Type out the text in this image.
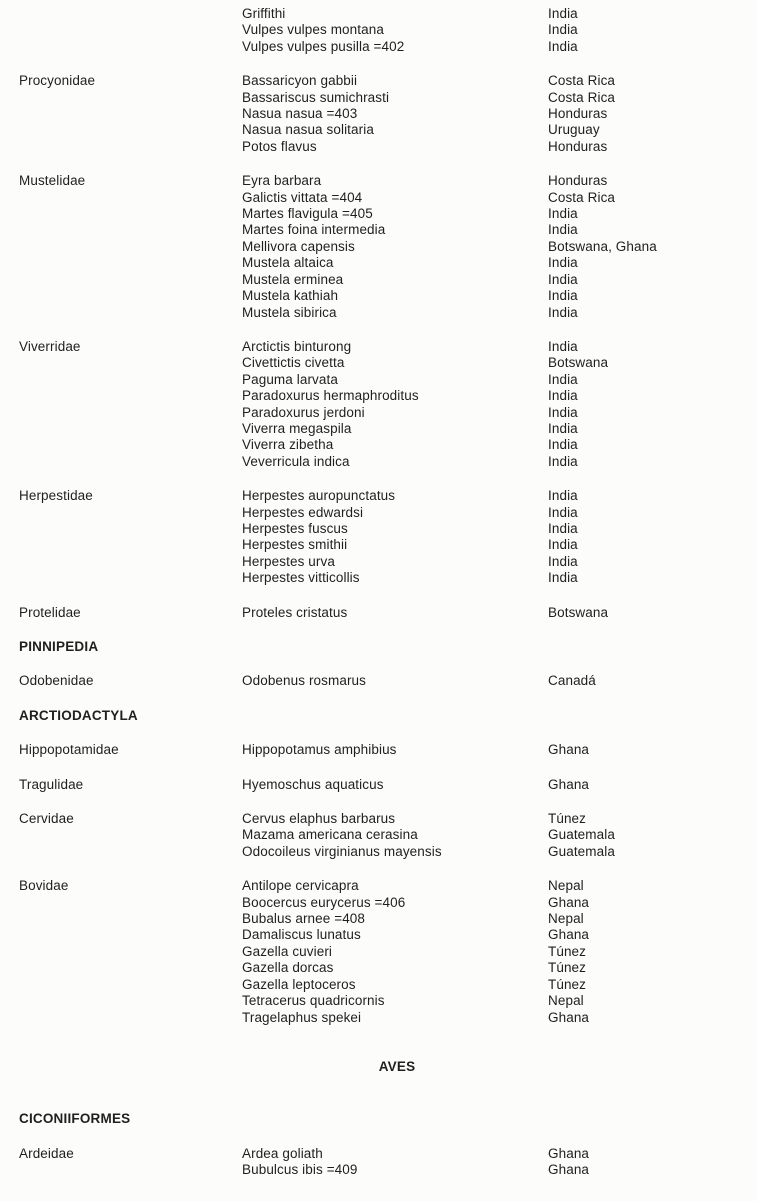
Griffithi	India
Vulpes vulpes montana	India
Vulpes vulpes pusilla =402	India
Procyonidae	Bassaricyon gabbii	Costa Rica
Bassariscus sumichrasti	Costa Rica
Nasua nasua =403	Honduras
Nasua nasua solitaria	Uruguay
Potos flavus	Honduras
Mustelidae	Eyra barbara	Honduras
Galictis vittata =404	Costa Rica
Martes flavigula =405	India
Martes foina intermedia	India
Mellivora capensis	Botswana, Ghana
Mustela altaica	India
Mustela erminea	India
Mustela kathiah	India
Mustela sibirica	India
Viverridae	Arctictis binturong	India
Civettictis civetta	Botswana
Paguma larvata	India
Paradoxurus hermaphroditus	India
Paradoxurus jerdoni	India
Viverra megaspila	India
Viverra zibetha	India
Veverricula indica	India
Herpestidae	Herpestes auropunctatus	India
Herpestes edwardsi	India
Herpestes fuscus	India
Herpestes smithii	India
Herpestes urva	India
Herpestes vitticollis	India
Protelidae	Proteles cristatus	Botswana
PINNIPEDIA
Odobenidae	Odobenus rosmarus	Canadá
ARCTIODACTYLA
Hippopotamidae	Hippopotamus amphibius	Ghana
Tragulidae	Hyemoschus aquaticus	Ghana
Cervidae	Cervus elaphus barbarus	Túnez
Mazama americana cerasina	Guatemala
Odocoileus virginianus mayensis	Guatemala
Bovidae	Antilope cervicapra	Nepal
Boocercus eurycerus =406	Ghana
Bubalus arnee =408	Nepal
Damaliscus lunatus	Ghana
Gazella cuvieri	Túnez
Gazella dorcas	Túnez
Gazella leptoceros	Túnez
Tetracerus quadricornis	Nepal
Tragelaphus spekei	Ghana
AVES
CICONIIFORMES
Ardeidae	Ardea goliath	Ghana
Bubulcus ibis =409	Ghana
